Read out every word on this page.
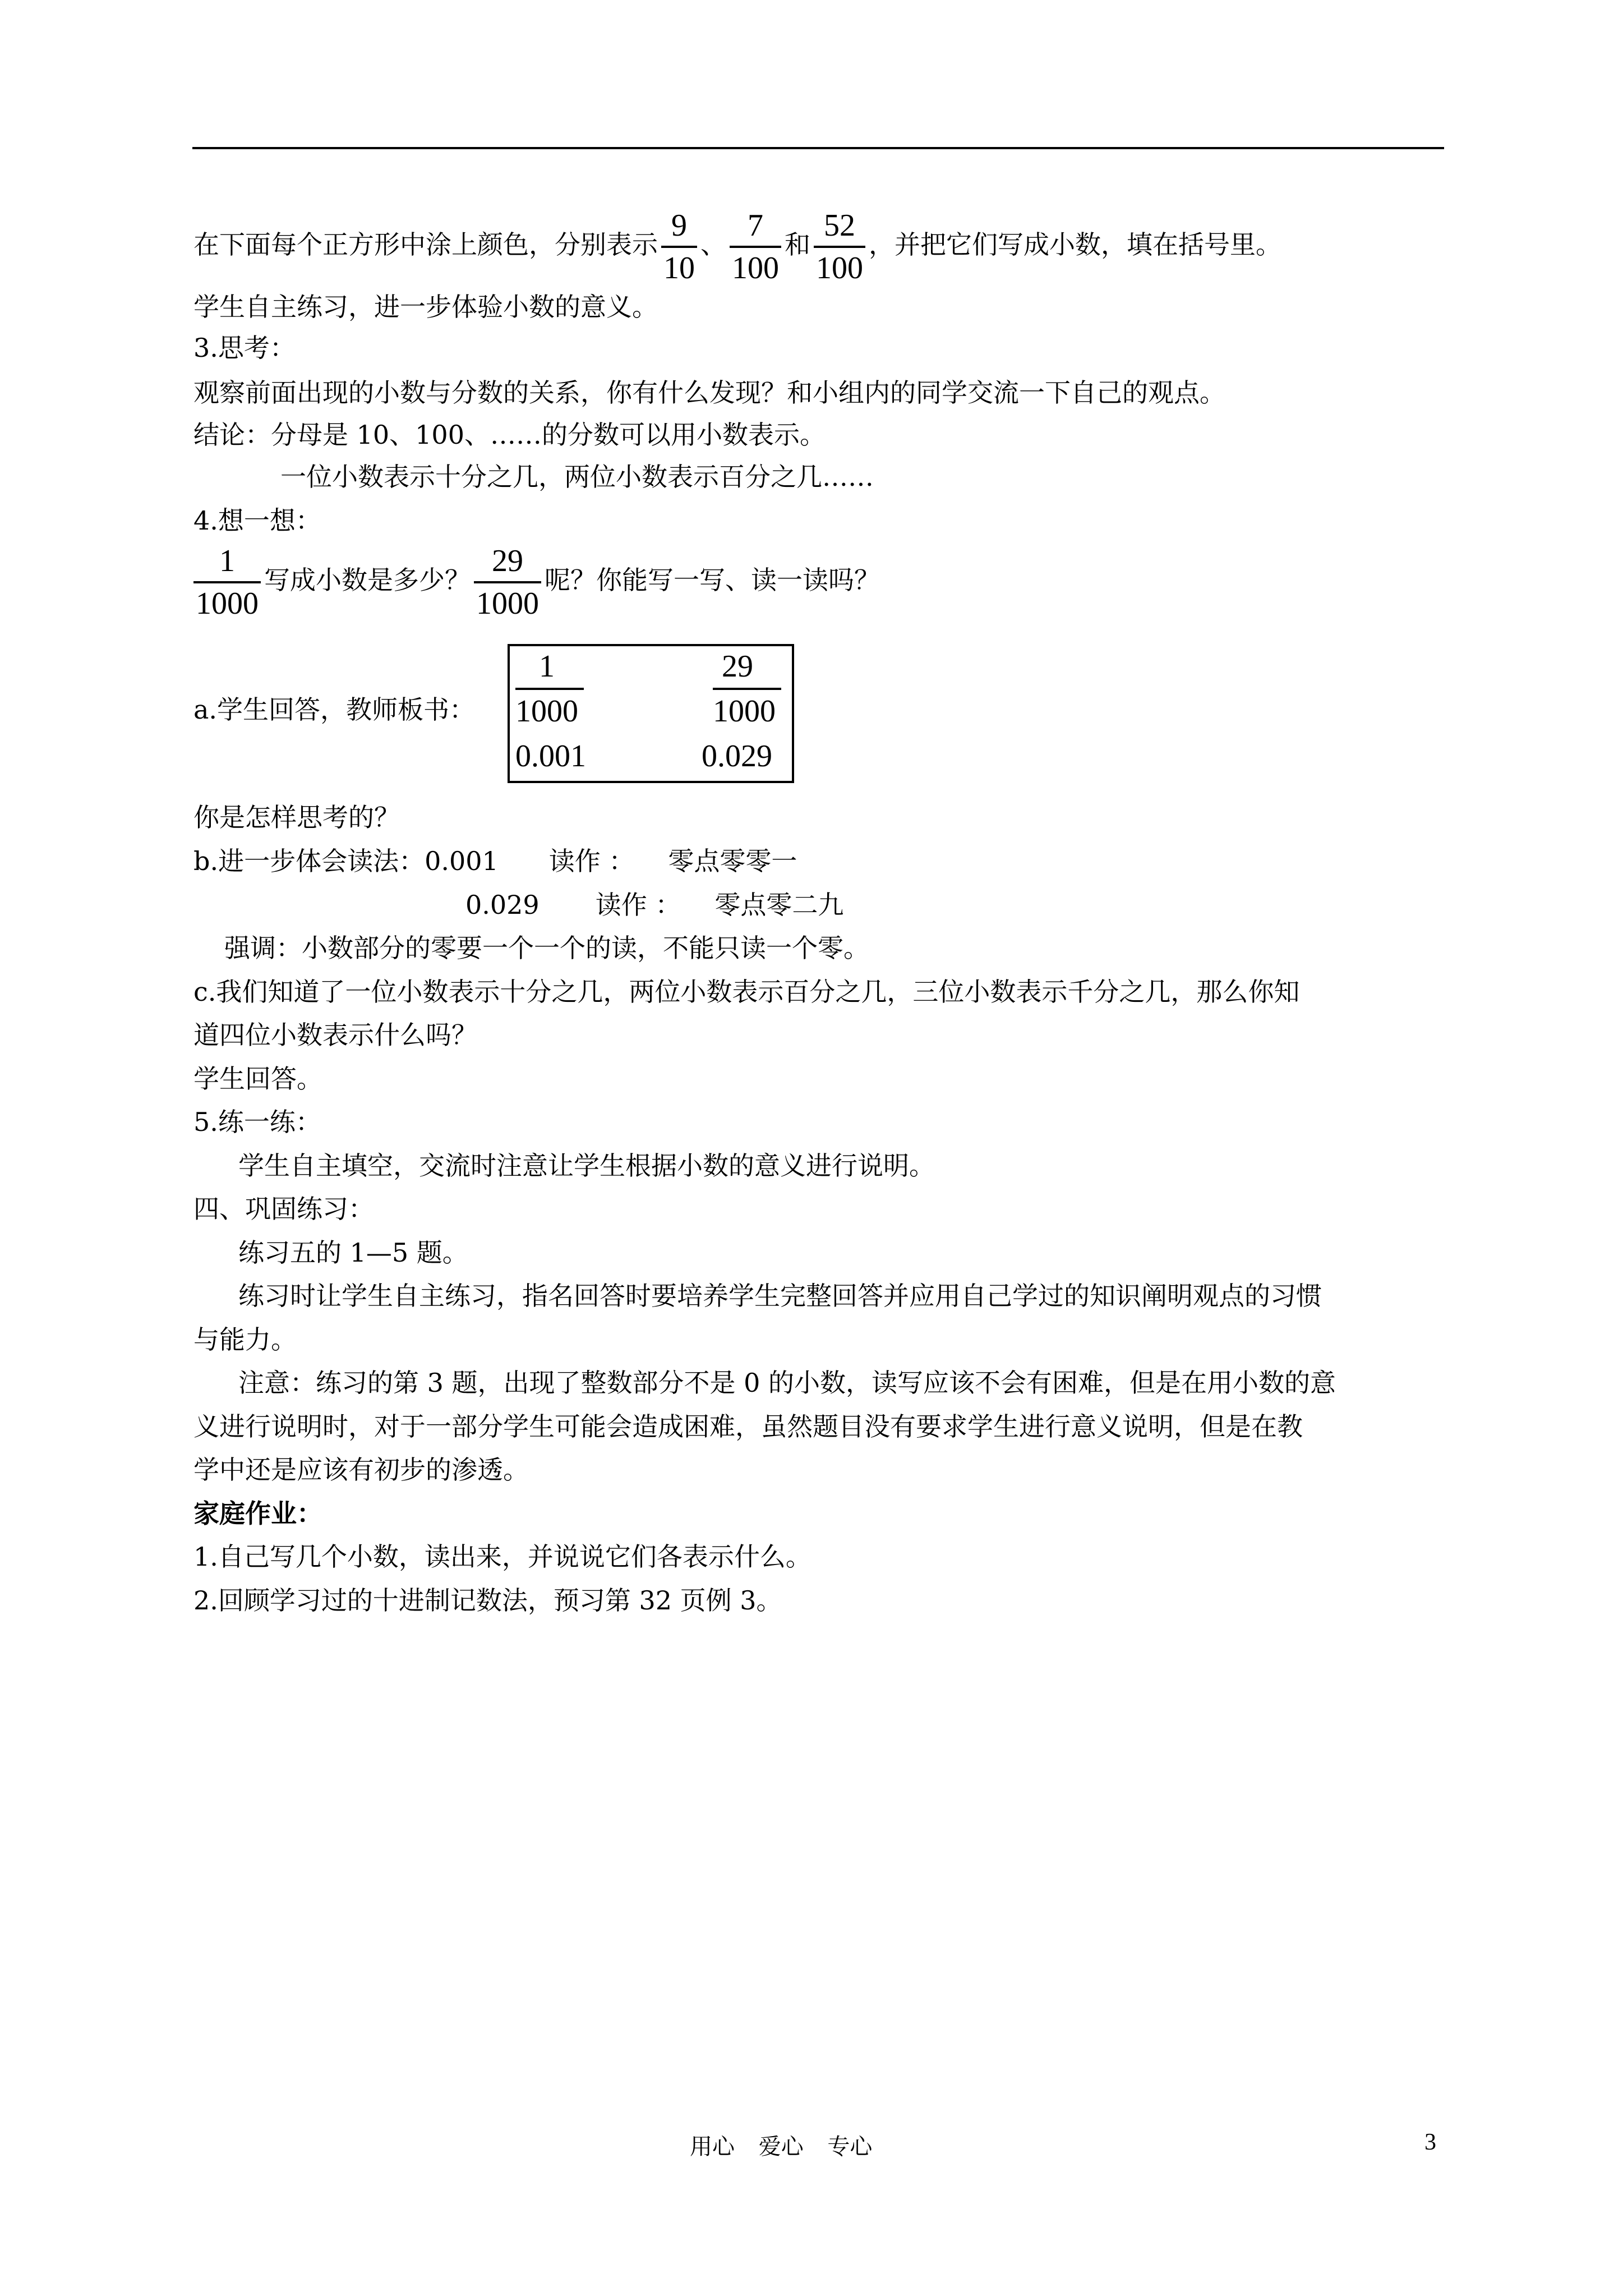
在下面每个正方形中涂上颜色，分别表示 $\frac{9}{10}$ 、 $\frac{7}{100}$ 和 $\frac{52}{100}$ ，并把它们写成小数，填在括号里。
学生自主练习，进一步体验小数的意义。
3.思考：
观察前面出现的小数与分数的关系，你有什么发现？和小组内的同学交流一下自己的观点。
结论：分母是 10、100、……的分数可以用小数表示。
一位小数表示十分之几，两位小数表示百分之几……
4.想一想：
$\frac{1}{1000}$ 写成小数是多少？ $\frac{29}{1000}$ 呢？你能写一写、读一读吗？
a.学生回答，教师板书：
1
1000
0.001
29
1000
0.029
你是怎样思考的？
b.进一步体会读法：0.001 读作 ： 零点零零一
0.029 读作 ： 零点零二九
强调：小数部分的零要一个一个的读，不能只读一个零。
c.我们知道了一位小数表示十分之几，两位小数表示百分之几，三位小数表示千分之几，那么你知
道四位小数表示什么吗？
学生回答。
5.练一练：
学生自主填空，交流时注意让学生根据小数的意义进行说明。
四、巩固练习：
练习五的 1—5 题。
练习时让学生自主练习，指名回答时要培养学生完整回答并应用自己学过的知识阐明观点的习惯
与能力。
注意：练习的第 3 题，出现了整数部分不是 0 的小数，读写应该不会有困难，但是在用小数的意
义进行说明时，对于一部分学生可能会造成困难，虽然题目没有要求学生进行意义说明，但是在教
学中还是应该有初步的渗透。
家庭作业：
1.自己写几个小数，读出来，并说说它们各表示什么。
2.回顾学习过的十进制记数法，预习第 32 页例 3。
用心 爱心 专心	3
